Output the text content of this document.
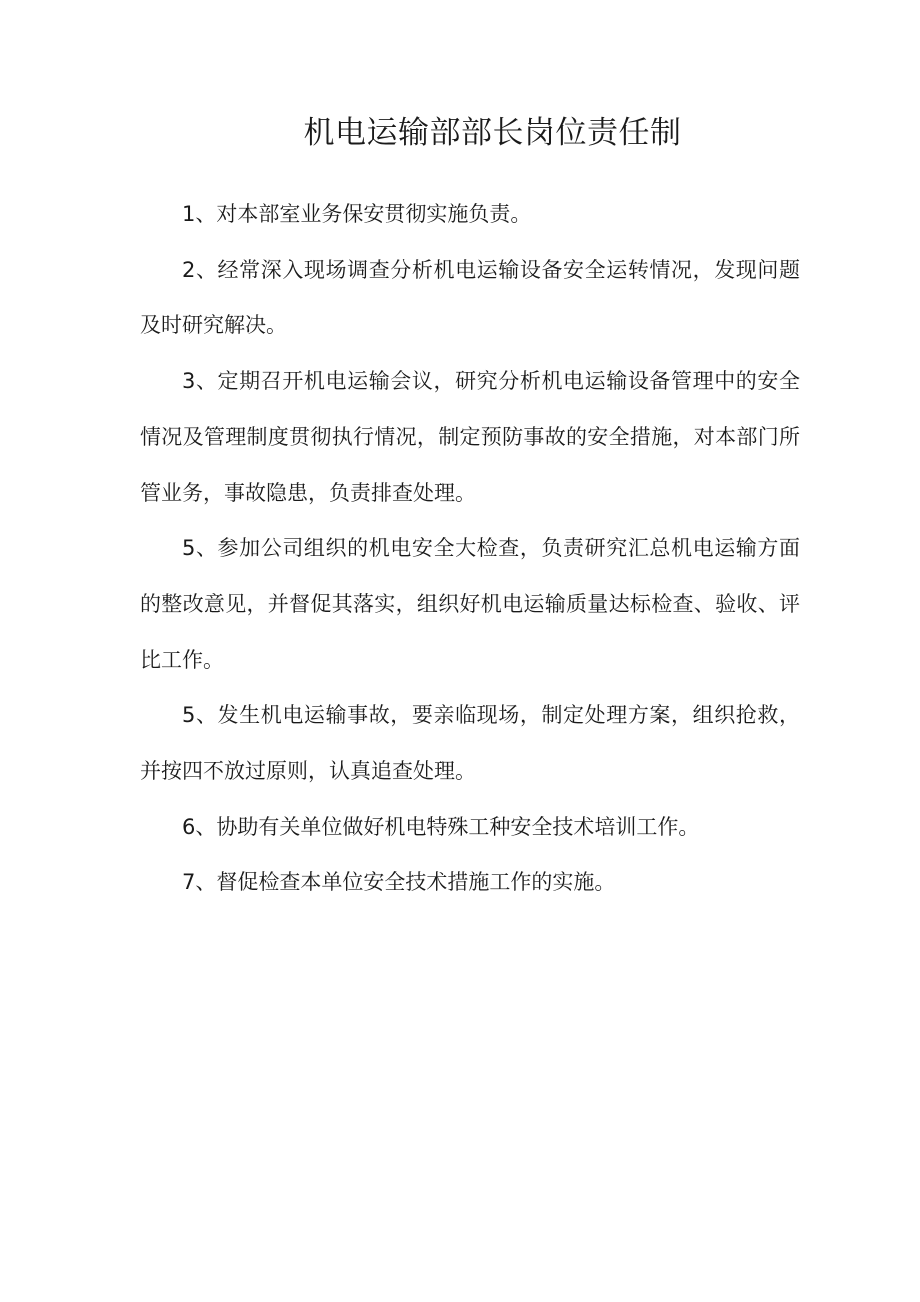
机电运输部部长岗位责任制

1、对本部室业务保安贯彻实施负责。

2、经常深入现场调查分析机电运输设备安全运转情况，发现问题及时研究解决。

3、定期召开机电运输会议，研究分析机电运输设备管理中的安全情况及管理制度贯彻执行情况，制定预防事故的安全措施，对本部门所管业务，事故隐患，负责排查处理。

5、参加公司组织的机电安全大检查，负责研究汇总机电运输方面的整改意见，并督促其落实，组织好机电运输质量达标检查、验收、评比工作。

5、发生机电运输事故，要亲临现场，制定处理方案，组织抢救，并按四不放过原则，认真追查处理。

6、协助有关单位做好机电特殊工种安全技术培训工作。

7、督促检查本单位安全技术措施工作的实施。
